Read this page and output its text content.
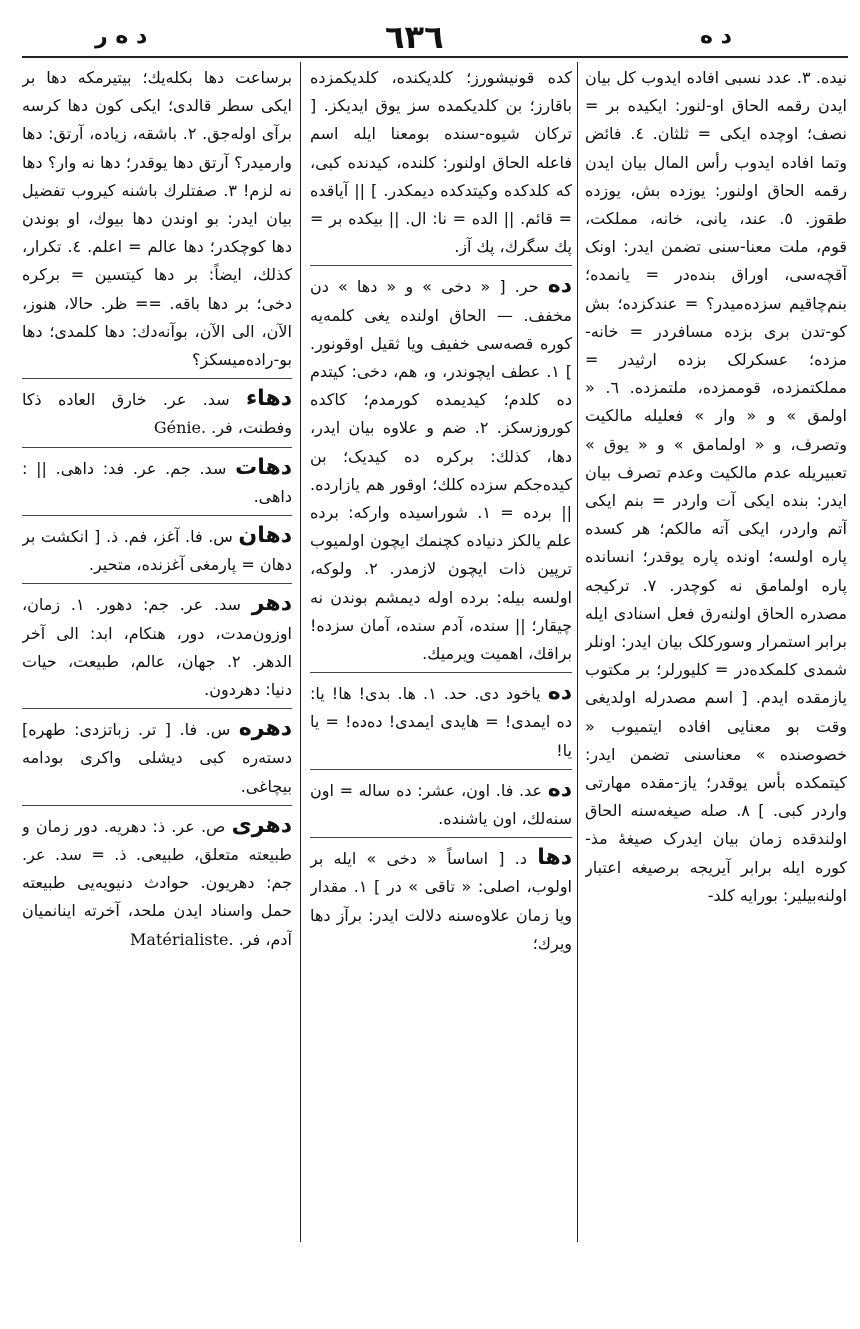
د ه ر	٦٣٦	د ه

نیده. ۳. عدد نسبی افاده ایدوب کل بیان ایدن رقمه الحاق او-لنور: ایکیده بر = نصف؛ اوچده ایکی = ثلثان. ٤. فائض وتما افاده ایدوب رأس المال بیان ایدن رقمه الحاق اولنور: یوزده بش، یوزده طقوز. ٥. عند، یانی، خانه، مملکت، قوم، ملت معنا-سنی تضمن ایدر: اونک آقچه‌سی، اوراق بنده‌در = یانمده؛ بنم‌چاقیم سزده‌میدر؟ = عندکزده؛ بش کو-تدن بری بزده مسافردر = خانه-مزده؛ عسکرلک بزده ارثیدر = مملکتمزده، قوممزده، ملتمزده. ٦. « اولمق » و « وار » فعلیله مالکیت وتصرف، و « اولمامق » و « یوق » تعبیریله عدم مالکیت وعدم تصرف بیان ایدر: بنده ایکی آت واردر = بنم ایکی آتم واردر، ایکی آته مالکم؛ هر کسده پاره اولسه؛ اونده پاره یوقدر؛ انسانده پاره اولمامق نه کوچدر. ۷. ترکیجه مصدره الحاق اولنه‌رق فعل اسنادی ایله برابر استمرار وسورکلک بیان ایدر: اونلر شمدی کلمکده‌در = کلیورلر؛ بر مکتوب یازمقده ایدم. [ اسم مصدرله اولدیغی وقت بو معنایی افاده ایتمیوب « خصوصنده » معناسنی تضمن ایدر: کیتمکده بأس یوقدر؛ یاز-مقده مهارتی واردر کبی. ] ۸. صله صیغه‌سنه الحاق اولندقده زمان بیان ایدرک صیغهٔ مذ-کوره ایله برابر آیریجه برصیغه اعتبار اولنه‌بیلیر: بورایه کلد-

کده قونیشورز؛ کلدیکنده، کلدیکمزده باقارز؛ بن کلدیکمده سز یوق ایدیکز. [ ترکان شیوه-سنده بومعنا ایله اسم فاعله الحاق اولنور: کلنده، کیدنده کبی، که کلدکده وکیتدکده دیمکدر. ] || آیاقده = قائم. || الده = نا: ال. || بیکده بر = پك سگرك، پك آز.

ده حر. [ « دخی » و « دها » دن مخفف. — الحاق اولنده یغی کلمه‌یه کوره قصه‌سی خفیف ویا ثقیل اوقونور. ] ۱. عطف ایچوندر، و، هم، دخی: کیتدم ده کلدم؛ کیدیمده کورمدم؛ کاکده کوروزسکز. ۲. ضم و علاوه بیان ایدر، دها، کذلك: برکره ده کیدیک؛ بن کیده‌جکم سزده کلك؛ اوقور هم یازارده. || برده = ۱. شوراسیده وارکه: برده علم یالکز دنیاده کچنمك ایچون اولمیوب ترپین ذات ایچون لازمدر. ۲. ولوکه، اولسه بیله: برده اوله دیمشم بوندن نه چیقار؛ || سنده، آدم سنده، آمان سزده! براقك، اهمیت ویرمیك.

ده یاخود دی. حد. ۱. ها. بدی! ها! یا: ده ایمدی! = هایدی ایمدی! ده‌ده! = یا یا!

ده عد. فا. اون، عشر: ده ساله = اون سنه‌لك، اون یاشنده.

دها د. [ اساساً « دخی » ایله بر اولوب، اصلی: « تاقی » در ] ۱. مقدار ویا زمان علاوه‌سنه دلالت ایدر: برآز دها ویرك؛

برساعت دها بکله‌یك؛ بیتیرمکه دها بر ایکی سطر قالدی؛ ایکی کون دها کرسه برآی اوله‌جق. ۲. باشقه، زیاده، آرتق: دها وارمیدر؟ آرتق دها یوقدر؛ دها نه وار؟ دها نه لزم! ۳. صفتلرك باشنه کیروب تفضیل بیان ایدر: بو اوندن دها بیوك، او بوندن دها کوچکدر؛ دها عالم = اعلم. ٤. تکرار، کذلك، ایضاً: بر دها کیتسین = برکره دخی؛ بر دها باقه. == ظر. حالا، هنوز، الآن، الی الآن، بوآنه‌دك: دها کلمدی؛ دها بو-راده‌میسکز؟

دهاء سد. عر. خارق العاده ذکا وفطنت، فر. Génie.

دهات سد. جم. عر. فد: داهی. || : داهی.

دهان س. فا. آغز، فم. ذ. [ انکشت بر دهان = پارمغی آغزنده، متحیر.

دهر سد. عر. جم: دهور. ۱. زمان، اوزون‌مدت، دور، هنکام، ابد: الی آخر الدهر. ۲. جهان، عالم، طبیعت، حیات دنیا: دهردون.

دهره س. فا. [ تر. زباتزدی: طهره] دسته‌ره کبی دیشلی واکری بودامه بیچاغی.

دهری ص. عر. ذ: دهریه. دور زمان و طبیعته متعلق، طبیعی. ذ. = سد. عر. جم: دهریون. حوادث دنیویه‌یی طبیعته حمل واسناد ایدن ملحد، آخرته اینانمیان آدم، فر. Matérialiste.
